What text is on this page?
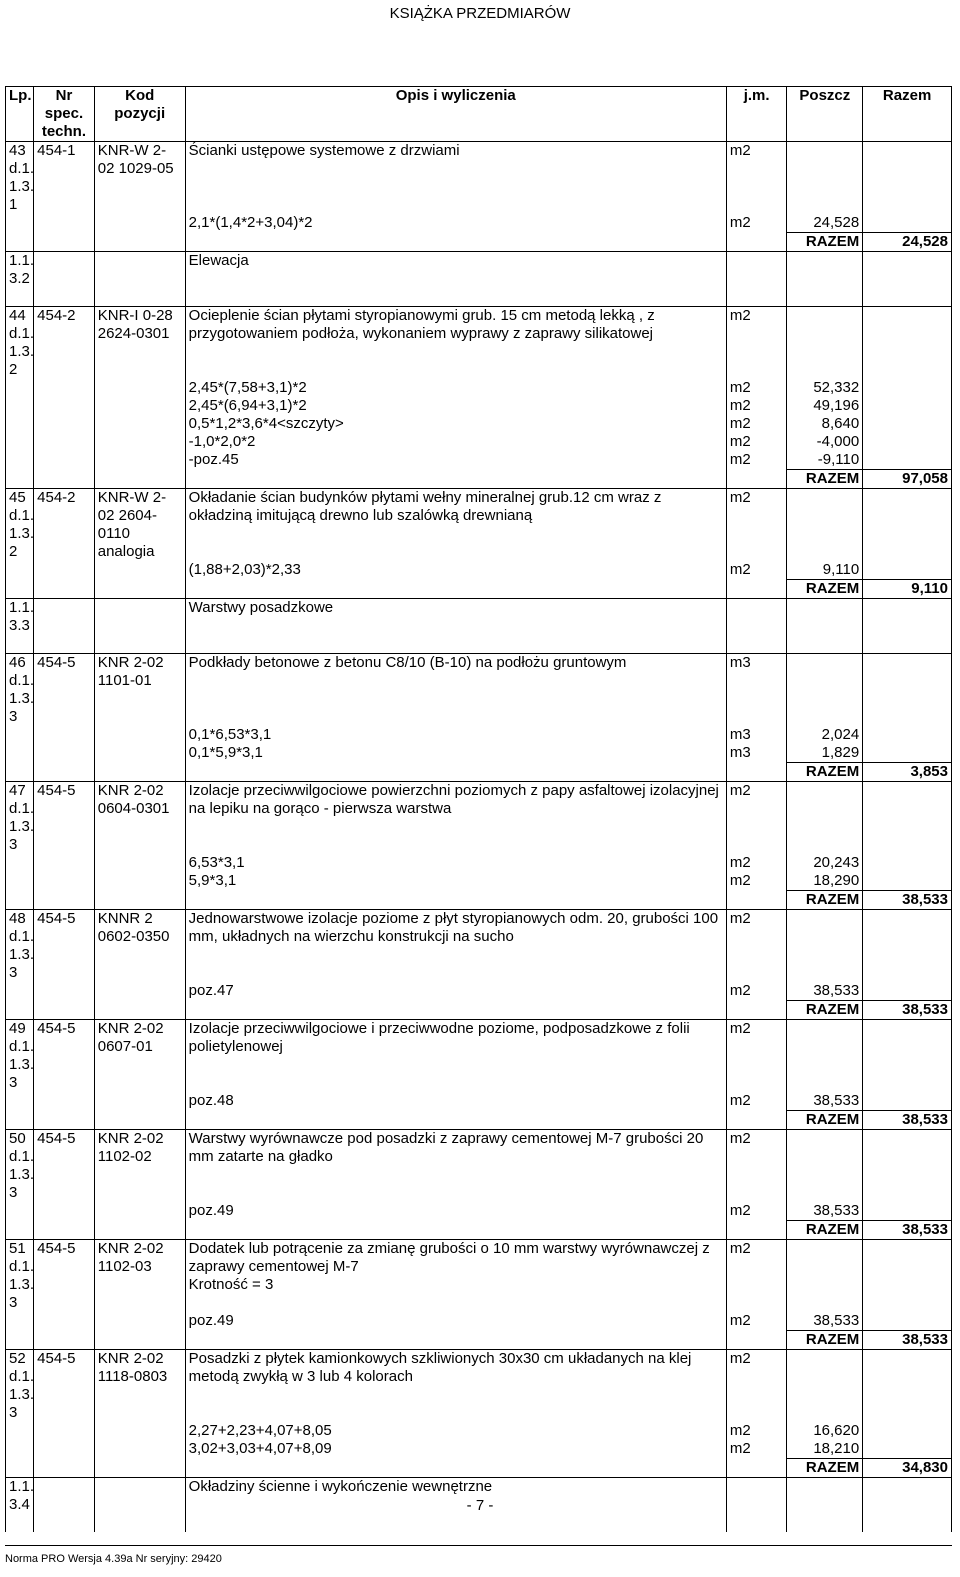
KSIĄŻKA PRZEDMIARÓW
Lp.	Nr spec. techn.	Kod pozycji	Opis i wyliczenia	j.m.	Poszcz	Razem
43 d.1. 1.3. 1	454-1	KNR-W 2-02 1029-05	Ścianki ustępowe systemowe z drzwiami	m2		
			2,1*(1,4*2+3,04)*2	m2	24,528	
					RAZEM	24,528
1.1. 3.2			Elewacja			

44 d.1. 1.3. 2	454-2	KNR-I 0-28 2624-0301	Ocieplenie ścian płytami styropianowymi grub. 15 cm metodą lekką , z przygotowaniem podłoża, wykonaniem wyprawy z zaprawy silikatowej	m2		
			2,45*(7,58+3,1)*2	m2	52,332	
			2,45*(6,94+3,1)*2	m2	49,196	
			0,5*1,2*3,6*4<szczyty>	m2	8,640	
			-1,0*2,0*2	m2	-4,000	
			-poz.45	m2	-9,110	
					RAZEM	97,058
45 d.1. 1.3. 2	454-2	KNR-W 2-02 2604-0110 analogia	Okładanie ścian budynków płytami wełny mineralnej grub.12 cm wraz z okładziną imitującą drewno lub szalówką drewnianą	m2		
			(1,88+2,03)*2,33	m2	9,110	
					RAZEM	9,110
1.1. 3.3			Warstwy posadzkowe			

46 d.1. 1.3. 3	454-5	KNR 2-02 1101-01	Podkłady betonowe z betonu C8/10 (B-10) na podłożu gruntowym	m3		
			0,1*6,53*3,1	m3	2,024	
			0,1*5,9*3,1	m3	1,829	
					RAZEM	3,853
47 d.1. 1.3. 3	454-5	KNR 2-02 0604-0301	Izolacje przeciwwilgociowe powierzchni poziomych z papy asfaltowej izolacyjnej na lepiku na gorąco - pierwsza warstwa	m2		
			6,53*3,1	m2	20,243	
			5,9*3,1	m2	18,290	
					RAZEM	38,533
48 d.1. 1.3. 3	454-5	KNNR 2 0602-0350	Jednowarstwowe izolacje poziome z płyt styropianowych odm. 20, grubości 100 mm, układnych na wierzchu konstrukcji na sucho	m2		
			poz.47	m2	38,533	
					RAZEM	38,533
49 d.1. 1.3. 3	454-5	KNR 2-02 0607-01	Izolacje przeciwwilgociowe i przeciwwodne poziome, podposadzkowe z folii polietylenowej	m2		
			poz.48	m2	38,533	
					RAZEM	38,533
50 d.1. 1.3. 3	454-5	KNR 2-02 1102-02	Warstwy wyrównawcze pod posadzki z zaprawy cementowej M-7 grubości 20 mm zatarte na gładko	m2		
			poz.49	m2	38,533	
					RAZEM	38,533
51 d.1. 1.3. 3	454-5	KNR 2-02 1102-03	Dodatek lub potrącenie za zmianę grubości o 10 mm warstwy wyrównawczej z zaprawy cementowej M-7
Krotność = 3	m2		
			poz.49	m2	38,533	
					RAZEM	38,533
52 d.1. 1.3. 3	454-5	KNR 2-02 1118-0803	Posadzki z płytek kamionkowych szkliwionych 30x30 cm układanych na klej metodą zwykłą w 3 lub 4 kolorach	m2		
			2,27+2,23+4,07+8,05	m2	16,620	
			3,02+3,03+4,07+8,09	m2	18,210	
					RAZEM	34,830
1.1. 3.4			Okładziny ścienne i wykończenie wewnętrzne			

- 7 -
Norma PRO Wersja 4.39a Nr seryjny: 29420
